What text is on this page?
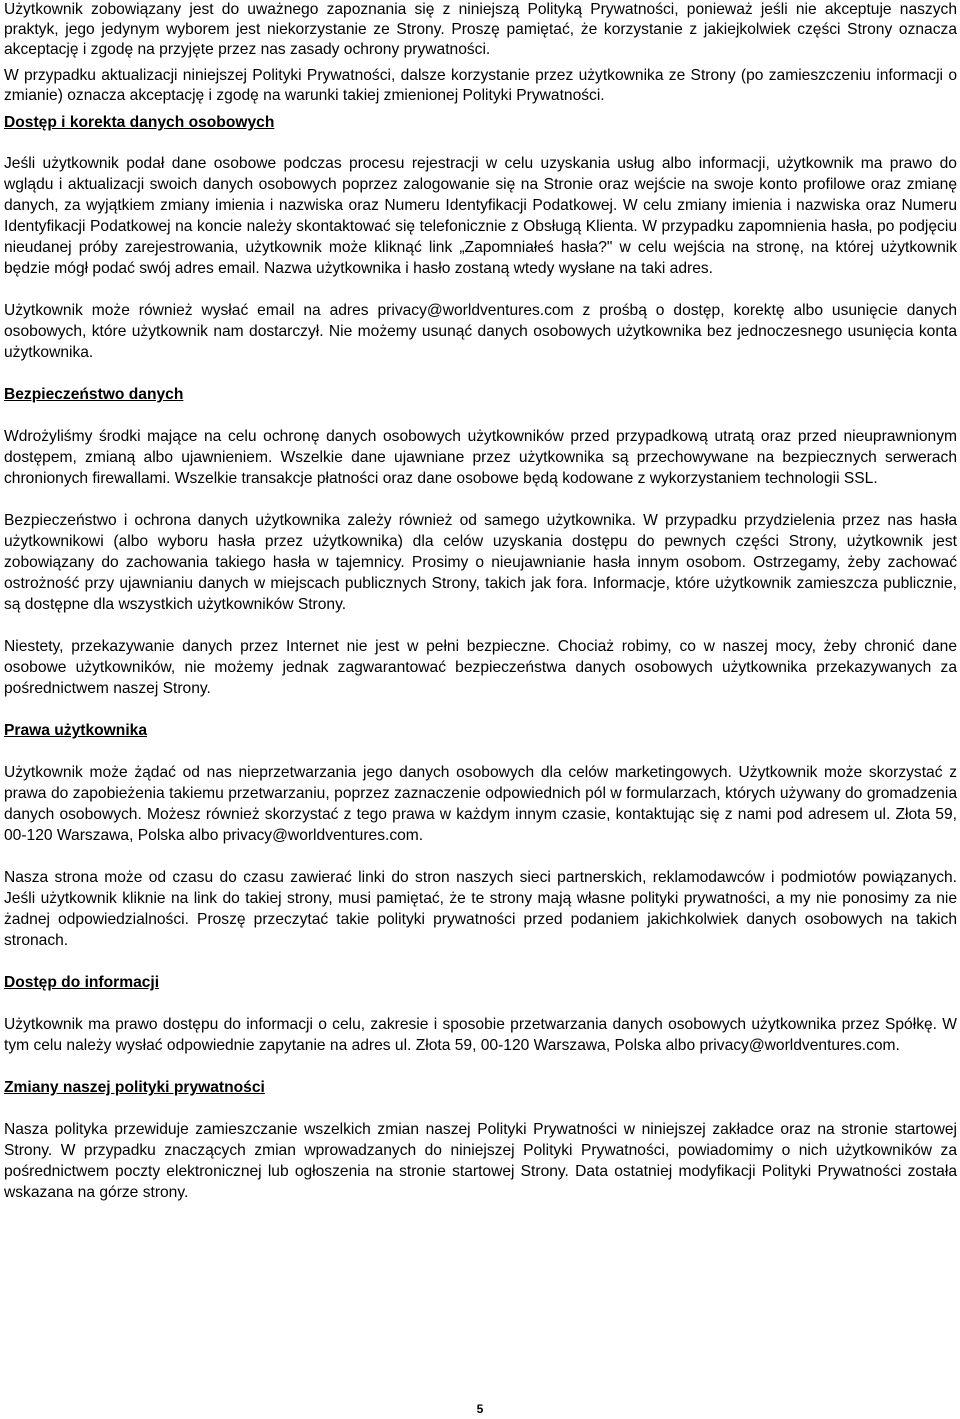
Użytkownik zobowiązany jest do uważnego zapoznania się z niniejszą Polityką Prywatności, ponieważ jeśli nie akceptuje naszych praktyk, jego jedynym wyborem jest niekorzystanie ze Strony. Proszę pamiętać, że korzystanie z jakiejkolwiek części Strony oznacza akceptację i zgodę na przyjęte przez nas zasady ochrony prywatności.

W przypadku aktualizacji niniejszej Polityki Prywatności, dalsze korzystanie przez użytkownika ze Strony (po zamieszczeniu informacji o zmianie) oznacza akceptację i zgodę na warunki takiej zmienionej Polityki Prywatności.

Dostęp i korekta danych osobowych

Jeśli użytkownik podał dane osobowe podczas procesu rejestracji w celu uzyskania usług albo informacji, użytkownik ma prawo do wglądu i aktualizacji swoich danych osobowych poprzez zalogowanie się na Stronie oraz wejście na swoje konto profilowe oraz zmianę danych, za wyjątkiem zmiany imienia i nazwiska oraz Numeru Identyfikacji Podatkowej. W celu zmiany imienia i nazwiska oraz Numeru Identyfikacji Podatkowej na koncie należy skontaktować się telefonicznie z Obsługą Klienta. W przypadku zapomnienia hasła, po podjęciu nieudanej próby zarejestrowania, użytkownik może kliknąć link „Zapomniałeś hasła?" w celu wejścia na stronę, na której użytkownik będzie mógł podać swój adres email. Nazwa użytkownika i hasło zostaną wtedy wysłane na taki adres.

Użytkownik może również wysłać email na adres privacy@worldventures.com z prośbą o dostęp, korektę albo usunięcie danych osobowych, które użytkownik nam dostarczył. Nie możemy usunąć danych osobowych użytkownika bez jednoczesnego usunięcia konta użytkownika.

Bezpieczeństwo danych

Wdrożyliśmy środki mające na celu ochronę danych osobowych użytkowników przed przypadkową utratą oraz przed nieuprawnionym dostępem, zmianą albo ujawnieniem. Wszelkie dane ujawniane przez użytkownika są przechowywane na bezpiecznych serwerach chronionych firewallami. Wszelkie transakcje płatności oraz dane osobowe będą kodowane z wykorzystaniem technologii SSL.

Bezpieczeństwo i ochrona danych użytkownika zależy również od samego użytkownika. W przypadku przydzielenia przez nas hasła użytkownikowi (albo wyboru hasła przez użytkownika) dla celów uzyskania dostępu do pewnych części Strony, użytkownik jest zobowiązany do zachowania takiego hasła w tajemnicy. Prosimy o nieujawnianie hasła innym osobom. Ostrzegamy, żeby zachować ostrożność przy ujawnianiu danych w miejscach publicznych Strony, takich jak fora. Informacje, które użytkownik zamieszcza publicznie, są dostępne dla wszystkich użytkowników Strony.

Niestety, przekazywanie danych przez Internet nie jest w pełni bezpieczne. Chociaż robimy, co w naszej mocy, żeby chronić dane osobowe użytkowników, nie możemy jednak zagwarantować bezpieczeństwa danych osobowych użytkownika przekazywanych za pośrednictwem naszej Strony.

Prawa użytkownika

Użytkownik może żądać od nas nieprzetwarzania jego danych osobowych dla celów marketingowych. Użytkownik może skorzystać z prawa do zapobieżenia takiemu przetwarzaniu, poprzez zaznaczenie odpowiednich pól w formularzach, których używany do gromadzenia danych osobowych. Możesz również skorzystać z tego prawa w każdym innym czasie, kontaktując się z nami pod adresem ul. Złota 59, 00-120 Warszawa, Polska albo privacy@worldventures.com.

Nasza strona może od czasu do czasu zawierać linki do stron naszych sieci partnerskich, reklamodawców i podmiotów powiązanych. Jeśli użytkownik kliknie na link do takiej strony, musi pamiętać, że te strony mają własne polityki prywatności, a my nie ponosimy za nie żadnej odpowiedzialności. Proszę przeczytać takie polityki prywatności przed podaniem jakichkolwiek danych osobowych na takich stronach.

Dostęp do informacji

Użytkownik ma prawo dostępu do informacji o celu, zakresie i sposobie przetwarzania danych osobowych użytkownika przez Spółkę. W tym celu należy wysłać odpowiednie zapytanie na adres ul. Złota 59, 00-120 Warszawa, Polska albo privacy@worldventures.com.

Zmiany naszej polityki prywatności

Nasza polityka przewiduje zamieszczanie wszelkich zmian naszej Polityki Prywatności w niniejszej zakładce oraz na stronie startowej Strony. W przypadku znaczących zmian wprowadzanych do niniejszej Polityki Prywatności, powiadomimy o nich użytkowników za pośrednictwem poczty elektronicznej lub ogłoszenia na stronie startowej Strony. Data ostatniej modyfikacji Polityki Prywatności została wskazana na górze strony.

5
